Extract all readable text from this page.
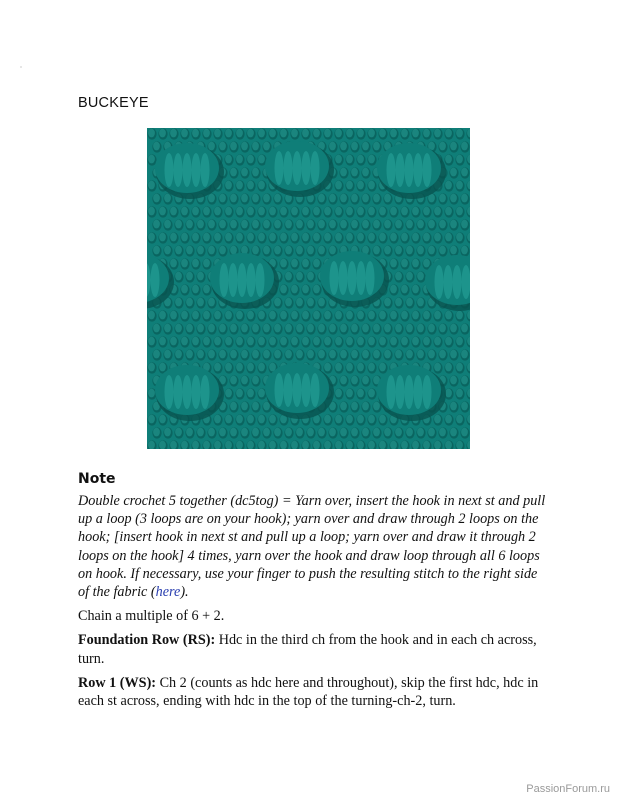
BUCKEYE
Note

Double crochet 5 together (dc5tog) = Yarn over, insert the hook in next st and pull up a loop (3 loops are on your hook); yarn over and draw through 2 loops on the hook; [insert hook in next st and pull up a loop; yarn over and draw it through 2 loops on the hook] 4 times, yarn over the hook and draw loop through all 6 loops on hook. If necessary, use your finger to push the resulting stitch to the right side of the fabric (here).

Chain a multiple of 6 + 2.

Foundation Row (RS): Hdc in the third ch from the hook and in each ch across, turn.

Row 1 (WS): Ch 2 (counts as hdc here and throughout), skip the first hdc, hdc in each st across, ending with hdc in the top of the turning-ch-2, turn.

PassionForum.ru
